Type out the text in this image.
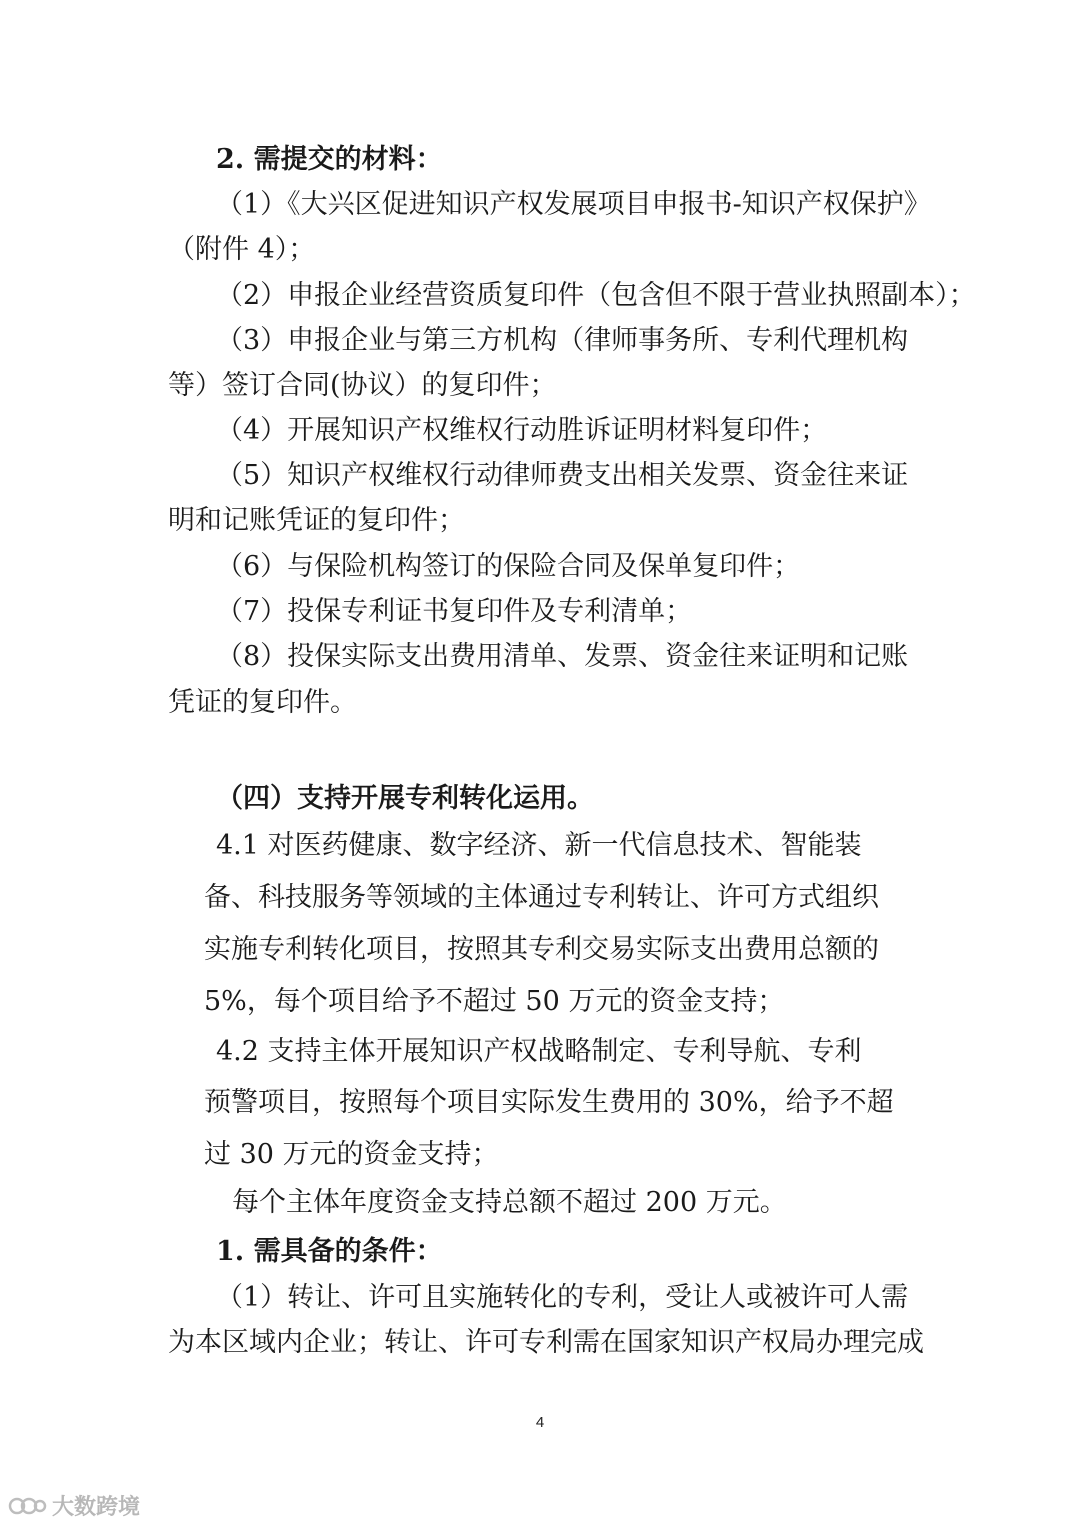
2. 需提交的材料：
（1）《大兴区促进知识产权发展项目申报书-知识产权保护》
（附件 4）；
（2）申报企业经营资质复印件（包含但不限于营业执照副本）；
（3）申报企业与第三方机构（律师事务所、专利代理机构
等）签订合同(协议）的复印件；
（4）开展知识产权维权行动胜诉证明材料复印件；
（5）知识产权维权行动律师费支出相关发票、资金往来证
明和记账凭证的复印件；
（6）与保险机构签订的保险合同及保单复印件；
（7）投保专利证书复印件及专利清单；
（8）投保实际支出费用清单、发票、资金往来证明和记账
凭证的复印件。
（四）支持开展专利转化运用。
4.1 对医药健康、数字经济、新一代信息技术、智能装
备、科技服务等领域的主体通过专利转让、许可方式组织
实施专利转化项目，按照其专利交易实际支出费用总额的
5%，每个项目给予不超过 50 万元的资金支持；
4.2 支持主体开展知识产权战略制定、专利导航、专利
预警项目，按照每个项目实际发生费用的 30%，给予不超
过 30 万元的资金支持；
每个主体年度资金支持总额不超过 200 万元。
1. 需具备的条件：
（1）转让、许可且实施转化的专利，受让人或被许可人需
为本区域内企业；转让、许可专利需在国家知识产权局办理完成
4
大数跨境
